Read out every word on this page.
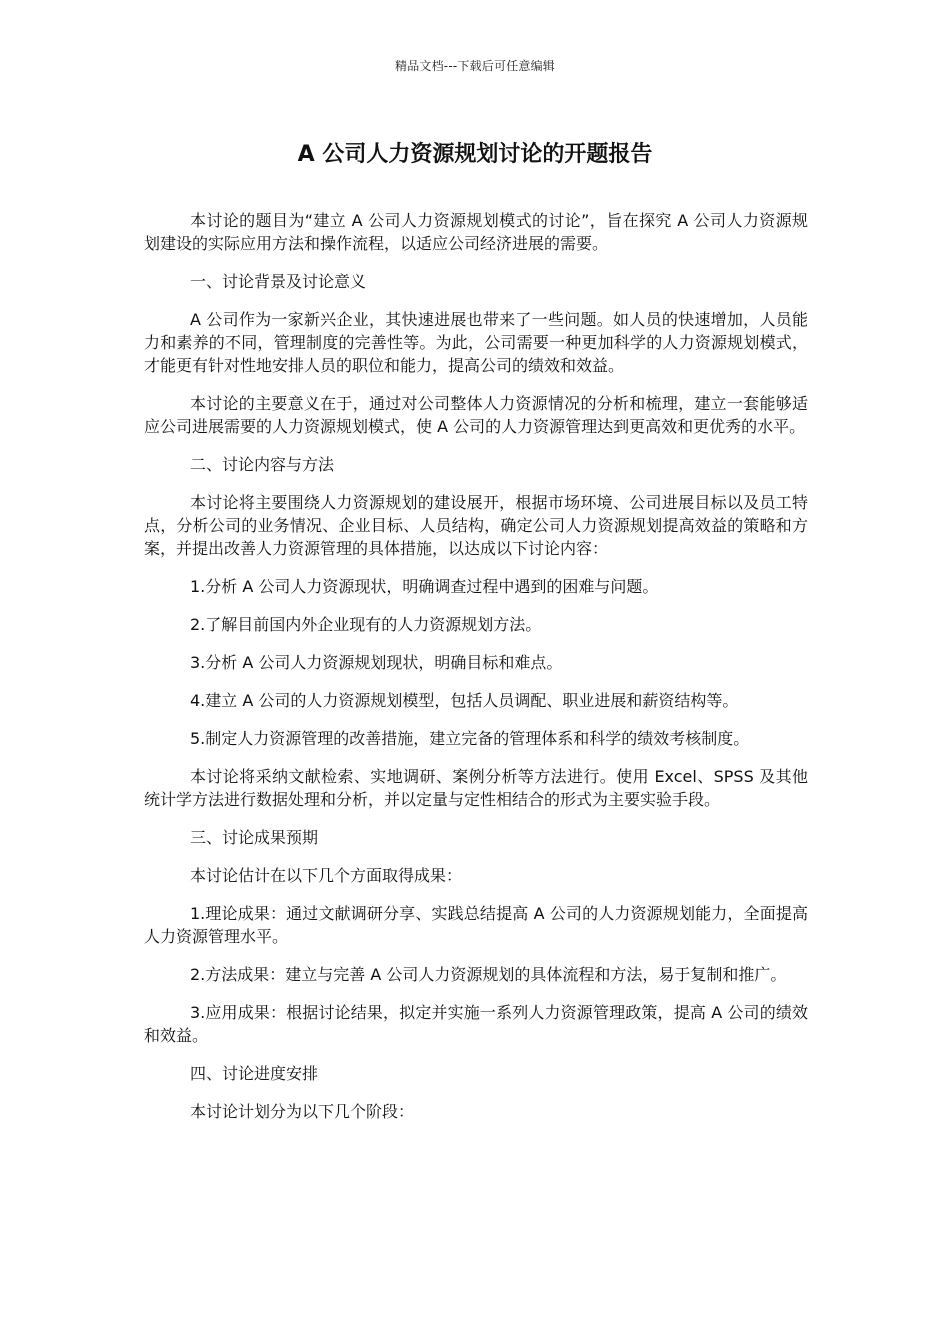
精品文档---下载后可任意编辑
A 公司人力资源规划讨论的开题报告

本讨论的题目为“建立 A 公司人力资源规划模式的讨论”，旨在探究 A 公司人力资源规划建设的实际应用方法和操作流程，以适应公司经济进展的需要。

一、讨论背景及讨论意义

A 公司作为一家新兴企业，其快速进展也带来了一些问题。如人员的快速增加，人员能力和素养的不同，管理制度的完善性等。为此，公司需要一种更加科学的人力资源规划模式，才能更有针对性地安排人员的职位和能力，提高公司的绩效和效益。

本讨论的主要意义在于，通过对公司整体人力资源情况的分析和梳理，建立一套能够适应公司进展需要的人力资源规划模式，使 A 公司的人力资源管理达到更高效和更优秀的水平。

二、讨论内容与方法

本讨论将主要围绕人力资源规划的建设展开，根据市场环境、公司进展目标以及员工特点，分析公司的业务情况、企业目标、人员结构，确定公司人力资源规划提高效益的策略和方案，并提出改善人力资源管理的具体措施，以达成以下讨论内容：

1.分析 A 公司人力资源现状，明确调查过程中遇到的困难与问题。

2.了解目前国内外企业现有的人力资源规划方法。

3.分析 A 公司人力资源规划现状，明确目标和难点。

4.建立 A 公司的人力资源规划模型，包括人员调配、职业进展和薪资结构等。

5.制定人力资源管理的改善措施，建立完备的管理体系和科学的绩效考核制度。

本讨论将采纳文献检索、实地调研、案例分析等方法进行。使用 Excel、SPSS 及其他统计学方法进行数据处理和分析，并以定量与定性相结合的形式为主要实验手段。

三、讨论成果预期

本讨论估计在以下几个方面取得成果：

1.理论成果：通过文献调研分享、实践总结提高 A 公司的人力资源规划能力，全面提高人力资源管理水平。

2.方法成果：建立与完善 A 公司人力资源规划的具体流程和方法，易于复制和推广。

3.应用成果：根据讨论结果，拟定并实施一系列人力资源管理政策，提高 A 公司的绩效和效益。

四、讨论进度安排

本讨论计划分为以下几个阶段：
